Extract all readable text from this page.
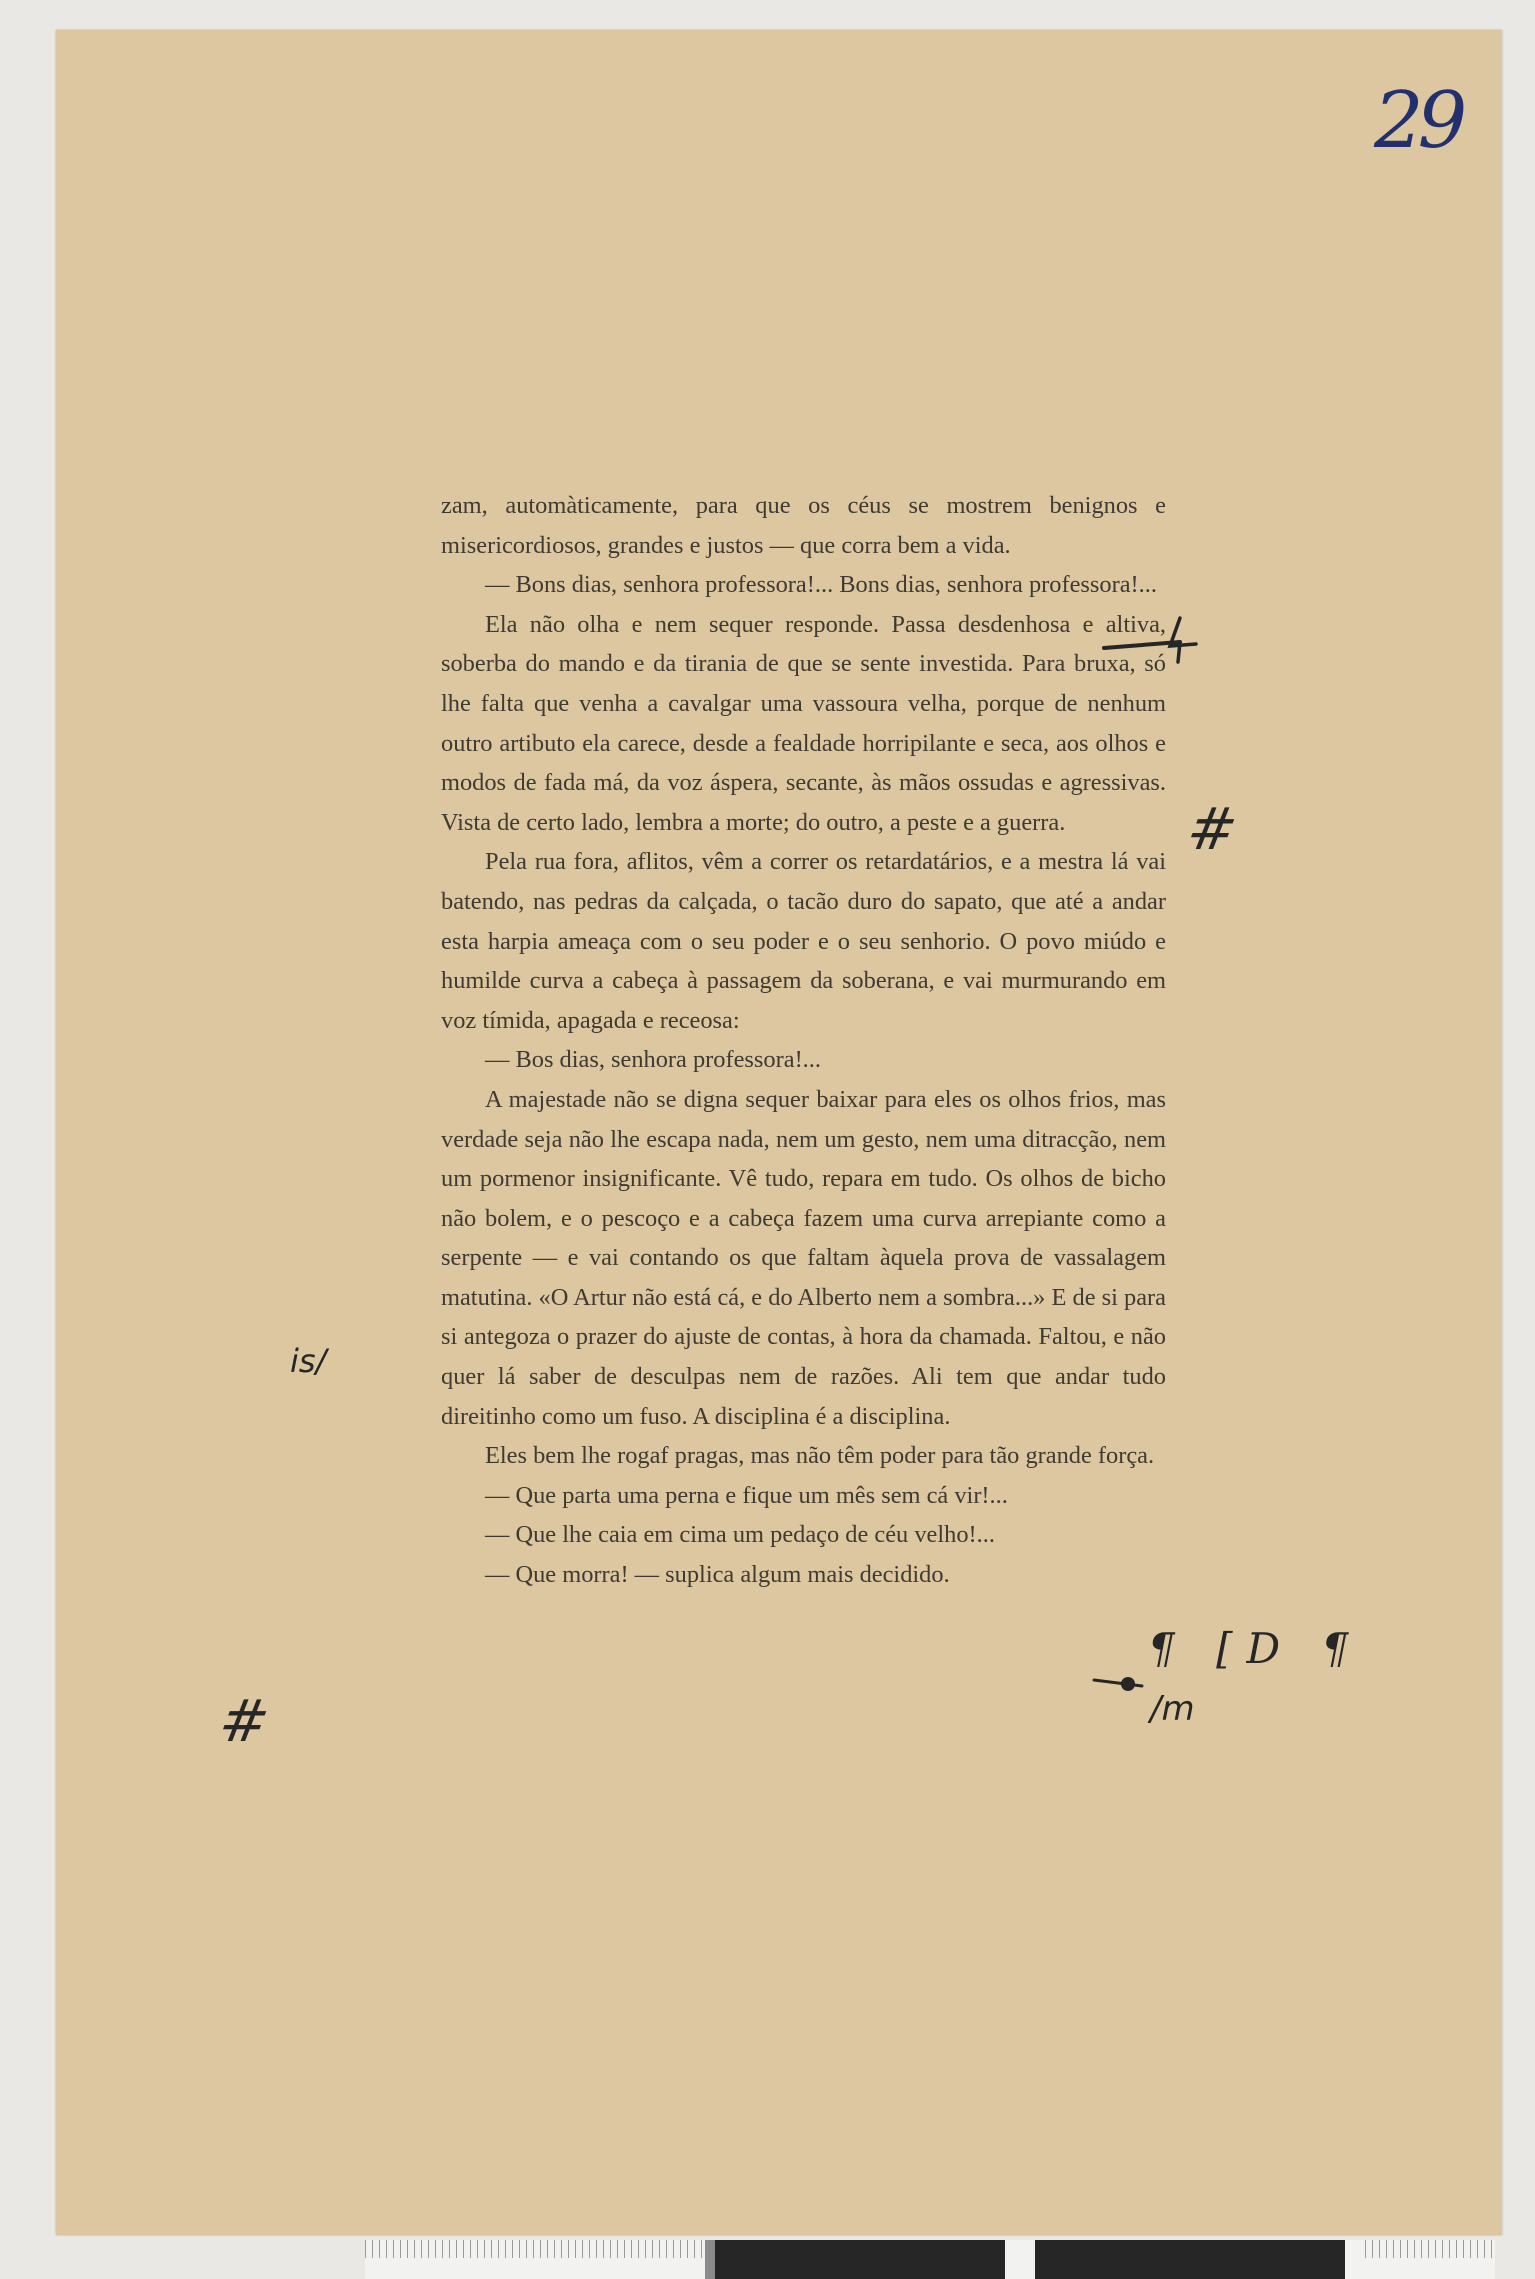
29

zam, automàticamente, para que os céus se mostrem benignos e misericordiosos, grandes e justos — que corra bem a vida.

— Bons dias, senhora professora!... Bons dias, senhora professora!...

Ela não olha e nem sequer responde. Passa desdenhosa e altiva, soberba do mando e da tirania de que se sente investida. Para bruxa, só lhe falta que venha a cavalgar uma vassoura velha, porque de nenhum outro artibuto ela carece, desde a fealdade horripilante e seca, aos olhos e modos de fada má, da voz áspera, secante, às mãos ossudas e agressivas. Vista de certo lado, lembra a morte; do outro, a peste e a guerra.

Pela rua fora, aflitos, vêm a correr os retardatários, e a mestra lá vai batendo, nas pedras da calçada, o tacão duro do sapato, que até a andar esta harpia ameaça com o seu poder e o seu senhorio. O povo miúdo e humilde curva a cabeça à passagem da soberana, e vai murmurando em voz tímida, apagada e receosa:

— Bos dias, senhora professora!...

A majestade não se digna sequer baixar para eles os olhos frios, mas verdade seja não lhe escapa nada, nem um gesto, nem uma ditracção, nem um pormenor insignificante. Vê tudo, repara em tudo. Os olhos de bicho não bolem, e o pescoço e a cabeça fazem uma curva arrepiante como a serpente — e vai contando os que faltam àquela prova de vassalagem matutina. «O Artur não está cá, e do Alberto nem a sombra...» E de si para si antegoza o prazer do ajuste de contas, à hora da chamada. Faltou, e não quer lá saber de desculpas nem de razões. Ali tem que andar tudo direitinho como um fuso. A disciplina é a disciplina.

Eles bem lhe rogaf pragas, mas não têm poder para tão grande força.

— Que parta uma perna e fique um mês sem cá vir!...

— Que lhe caia em cima um pedaço de céu velho!...

— Que morra! — suplica algum mais decidido.

#
#
is/
¶ [D ¶
/m
